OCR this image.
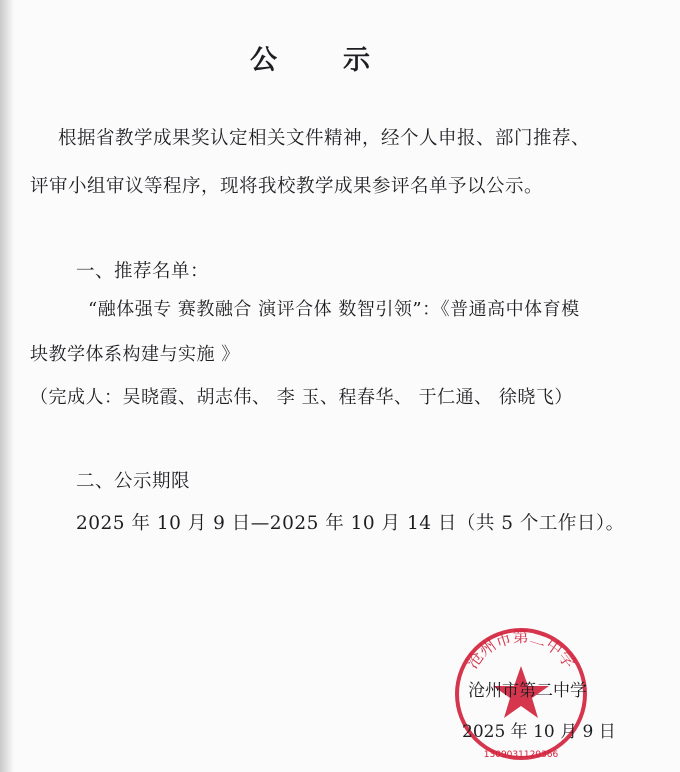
公 示
根据省教学成果奖认定相关文件精神，经个人申报、部门推荐、
评审小组审议等程序，现将我校教学成果参评名单予以公示。
一、推荐名单：
“融体强专 赛教融合 演评合体 数智引领”：《普通高中体育模
块教学体系构建与实施 》
（完成人：吴晓霞、胡志伟、 李 玉、程春华、 于仁通、 徐晓飞）
二、公示期限
2025 年 10 月 9 日—2025 年 10 月 14 日（共 5 个工作日）。
沧州市第二中学
1309031120366
沧州市第二中学
2025 年 10 月 9 日
